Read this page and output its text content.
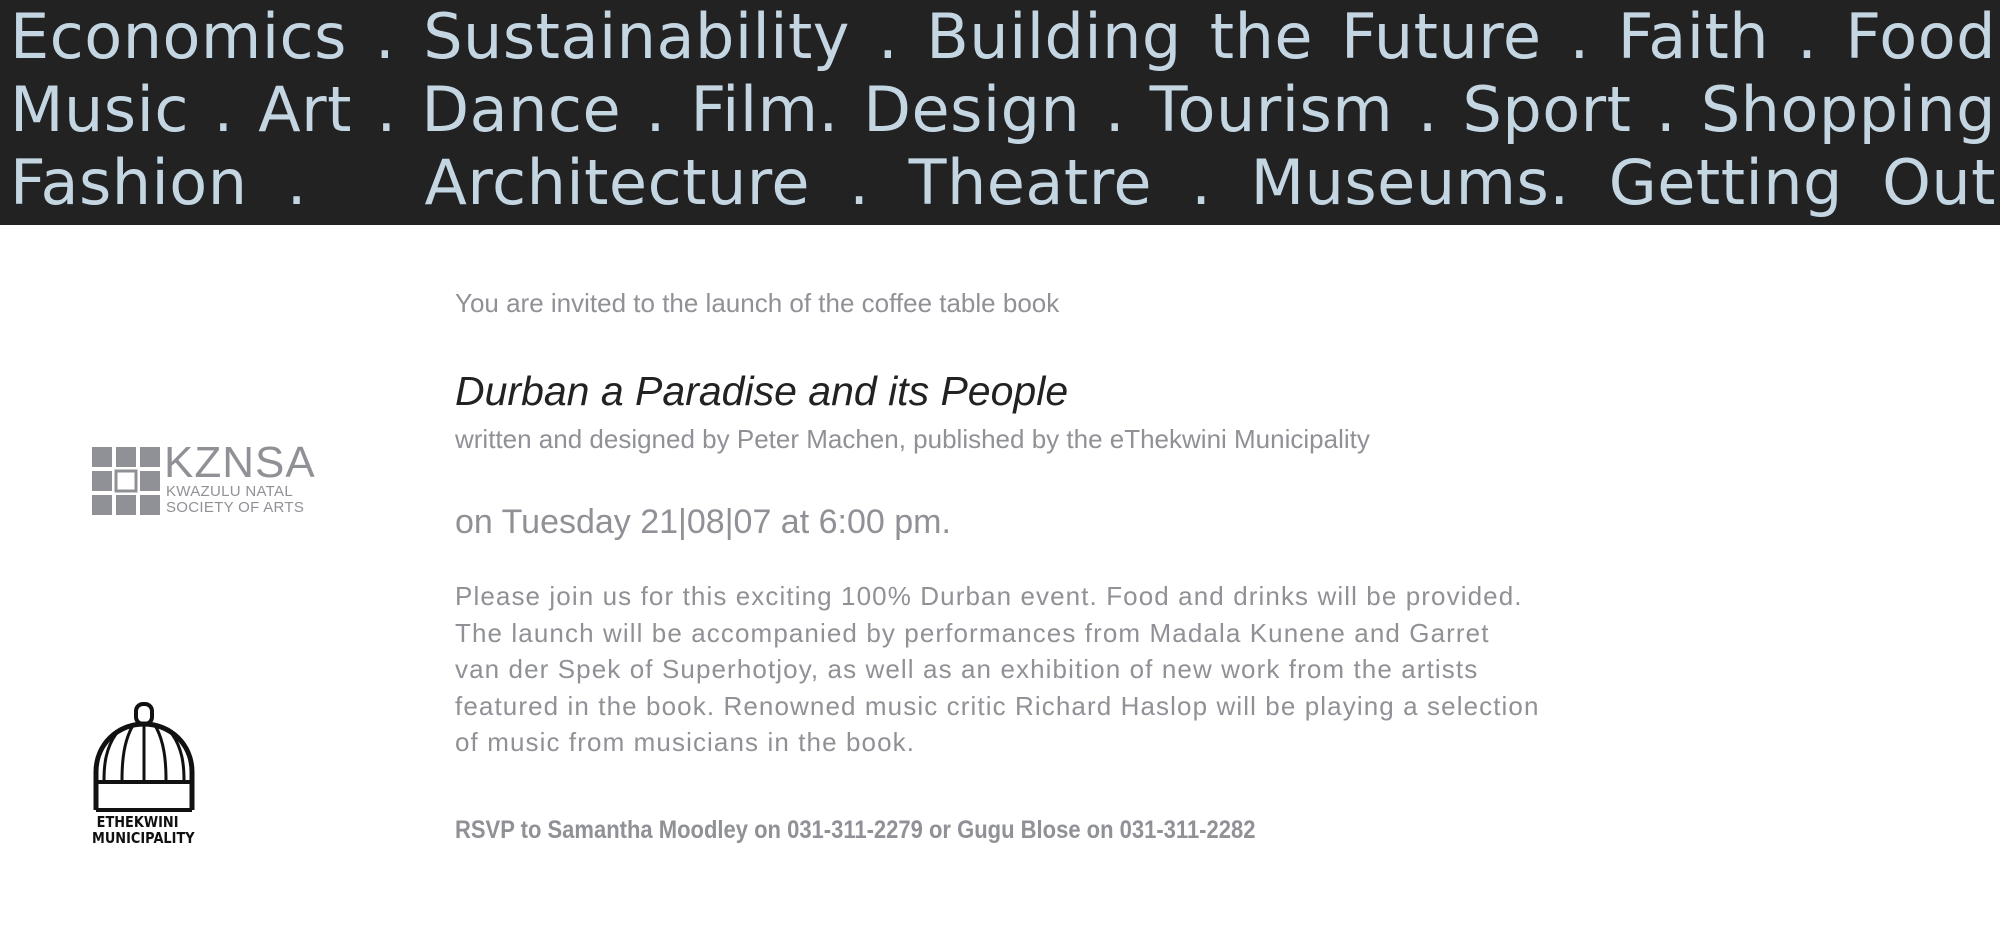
Economics . Sustainability . Building the Future . Faith . Food
Music . Art . Dance . Film. Design . Tourism . Sport . Shopping
Fashion .   Architecture . Theatre . Museums. Getting Out
KZNSA
KWAZULU NATAL
SOCIETY OF ARTS
ETHEKWINI
MUNICIPALITY
You are invited to the launch of the coffee table book
Durban a Paradise and its People
written and designed by Peter Machen, published by the eThekwini Municipality
on Tuesday 21|08|07 at 6:00 pm.
Please join us for this exciting 100% Durban event. Food and drinks will be provided.
The launch will be accompanied by performances from Madala Kunene and Garret
van der Spek of Superhotjoy, as well as an exhibition of new work from the artists
featured in the book. Renowned music critic Richard Haslop will be playing a selection
of music from musicians in the book.
RSVP to Samantha Moodley on 031-311-2279 or Gugu Blose on 031-311-2282
